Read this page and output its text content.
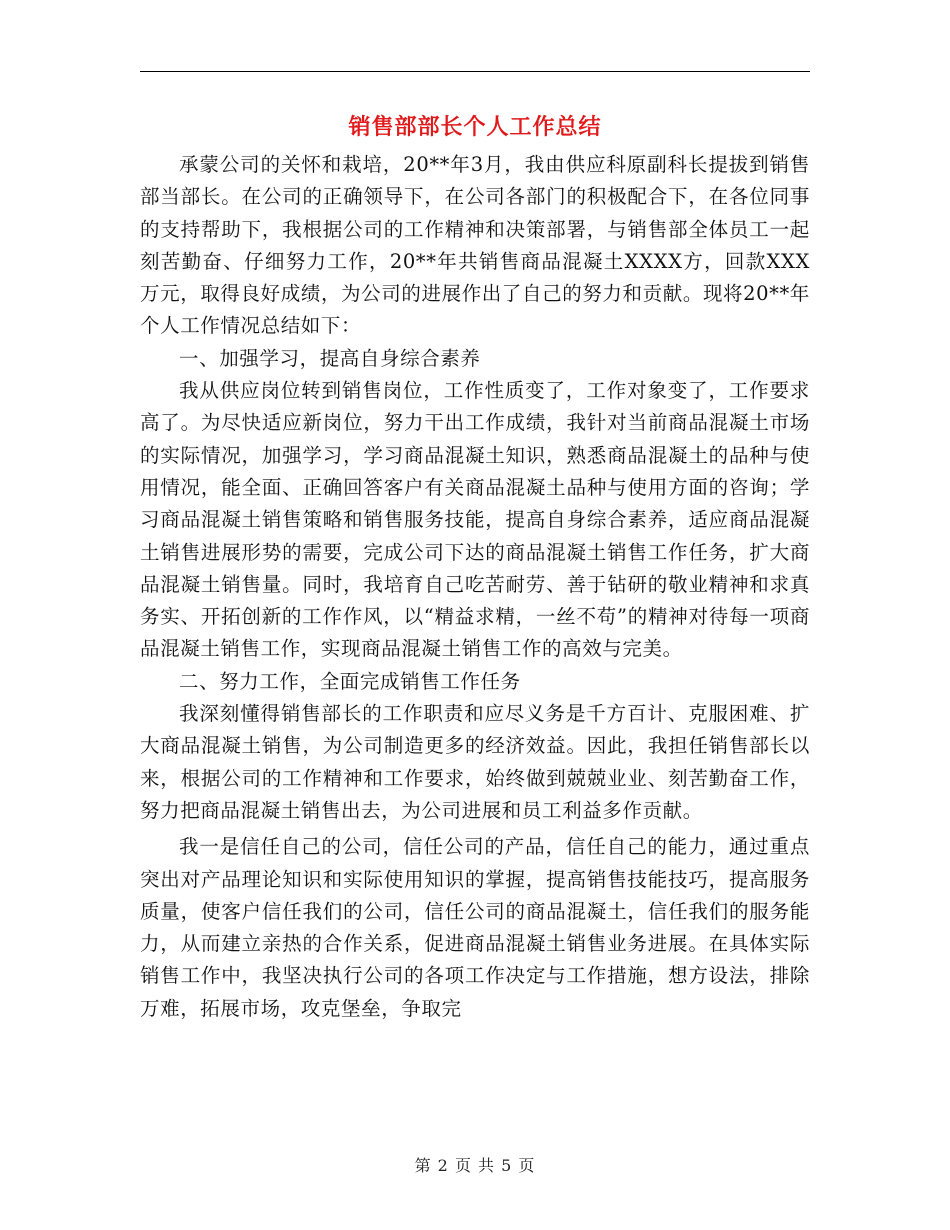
销售部部长个人工作总结

承蒙公司的关怀和栽培，20**年3月，我由供应科原副科长提拔到销售部当部长。在公司的正确领导下，在公司各部门的积极配合下，在各位同事的支持帮助下，我根据公司的工作精神和决策部署，与销售部全体员工一起刻苦勤奋、仔细努力工作，20**年共销售商品混凝土XXXX方，回款XXX万元，取得良好成绩，为公司的进展作出了自己的努力和贡献。现将20**年个人工作情况总结如下：

一、加强学习，提高自身综合素养

我从供应岗位转到销售岗位，工作性质变了，工作对象变了，工作要求高了。为尽快适应新岗位，努力干出工作成绩，我针对当前商品混凝土市场的实际情况，加强学习，学习商品混凝土知识，熟悉商品混凝土的品种与使用情况，能全面、正确回答客户有关商品混凝土品种与使用方面的咨询；学习商品混凝土销售策略和销售服务技能，提高自身综合素养，适应商品混凝土销售进展形势的需要，完成公司下达的商品混凝土销售工作任务，扩大商品混凝土销售量。同时，我培育自己吃苦耐劳、善于钻研的敬业精神和求真务实、开拓创新的工作作风，以“精益求精，一丝不苟”的精神对待每一项商品混凝土销售工作，实现商品混凝土销售工作的高效与完美。

二、努力工作，全面完成销售工作任务

我深刻懂得销售部长的工作职责和应尽义务是千方百计、克服困难、扩大商品混凝土销售，为公司制造更多的经济效益。因此，我担任销售部长以来，根据公司的工作精神和工作要求，始终做到兢兢业业、刻苦勤奋工作，努力把商品混凝土销售出去，为公司进展和员工利益多作贡献。

我一是信任自己的公司，信任公司的产品，信任自己的能力，通过重点突出对产品理论知识和实际使用知识的掌握，提高销售技能技巧，提高服务质量，使客户信任我们的公司，信任公司的商品混凝土，信任我们的服务能力，从而建立亲热的合作关系，促进商品混凝土销售业务进展。在具体实际销售工作中，我坚决执行公司的各项工作决定与工作措施，想方设法，排除万难，拓展市场，攻克堡垒，争取完

第 2 页 共 5 页
